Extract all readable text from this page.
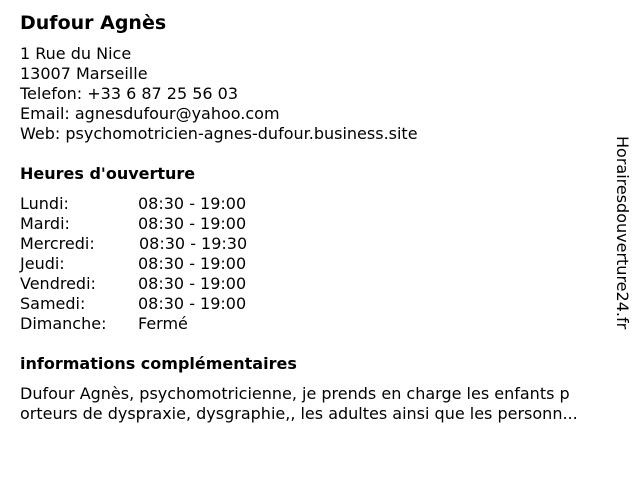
Dufour Agnès
1 Rue du Nice
13007 Marseille
Telefon: +33 6 87 25 56 03
Email: agnesdufour@yahoo.com
Web: psychomotricien-agnes-dufour.business.site
Heures d'ouverture
Lundi:	08:30 - 19:00
Mardi:	08:30 - 19:00
Mercredi:	08:30 - 19:30
Jeudi:	08:30 - 19:00
Vendredi:	08:30 - 19:00
Samedi:	08:30 - 19:00
Dimanche: Fermé
informations complémentaires
Dufour Agnès, psychomotricienne, je prends en charge les enfants p
orteurs de dyspraxie, dysgraphie,, les adultes ainsi que les personn...
Horairesdouverture24.fr
